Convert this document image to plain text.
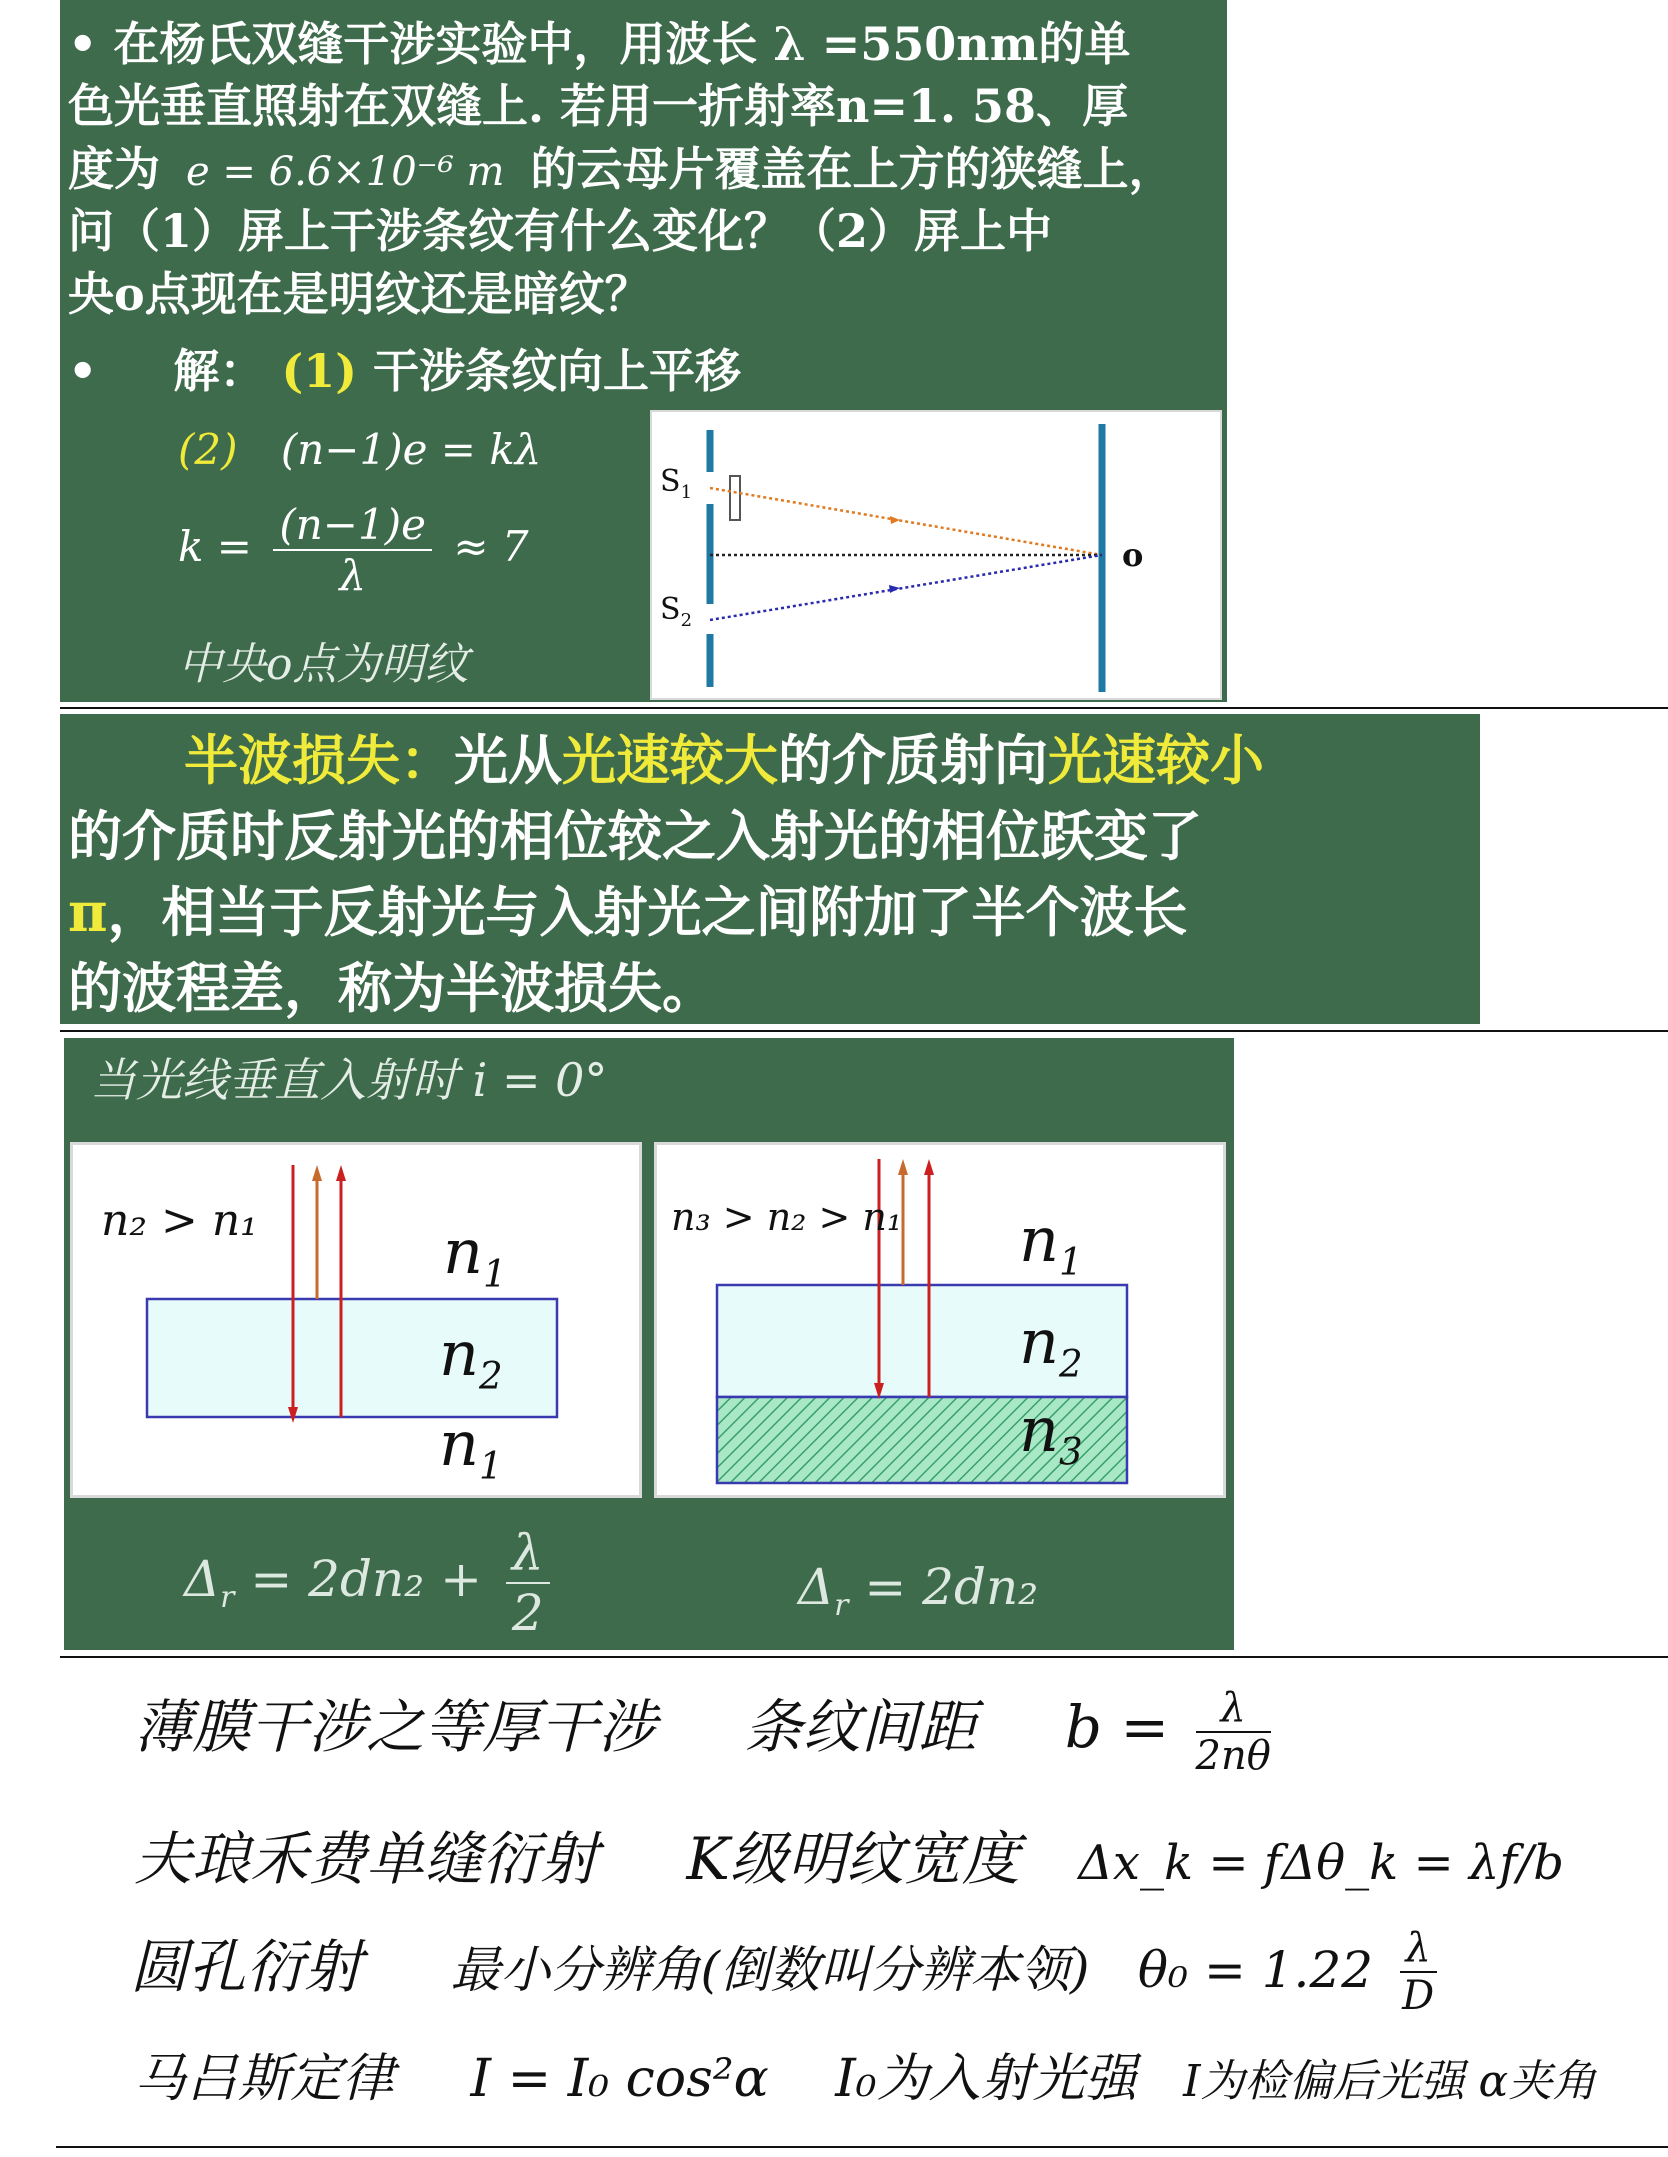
• 在杨氏双缝干涉实验中，用波长 λ =550nm的单

色光垂直照射在双缝上. 若用一折射率n=1. 58、厚

度为 e = 6.6×10⁻⁶ m 的云母片覆盖在上方的狭缝上，

问（1）屏上干涉条纹有什么变化？（2）屏上中

央o点现在是明纹还是暗纹？

• 解： (1) 干涉条纹向上平移

(2) (n−1)e = kλ

$k = \frac{(n-1)e}{\lambda} \approx 7$

中央o点为明纹

$S_1$
$S_2$
o

半波损失：光从光速较大的介质射向光速较小

的介质时反射光的相位较之入射光的相位跃变了

π，相当于反射光与入射光之间附加了半个波长

的波程差，称为半波损失。

当光线垂直入射时 i = 0°

n₂ > n₁	$n_1$
$n_2$
$n_1$
n₃ > n₂ > n₁ $n_1$
$n_2$
$n_3$
$\Delta_r = 2dn_2 + \frac{\lambda}{2}$	$\Delta_r = 2dn_2$
薄膜干涉之等厚干涉 条纹间距 $b = \frac{\lambda}{2n\theta}$
夫琅禾费单缝衍射 K级明纹宽度 Δx_k = fΔθ_k = λf/b
圆孔衍射 最小分辨角(倒数叫分辨本领) $\theta_0 = 1.22 \frac{\lambda}{D}$
马吕斯定律 I = I₀ cos²α I₀为入射光强 I为检偏后光强 α夹角
